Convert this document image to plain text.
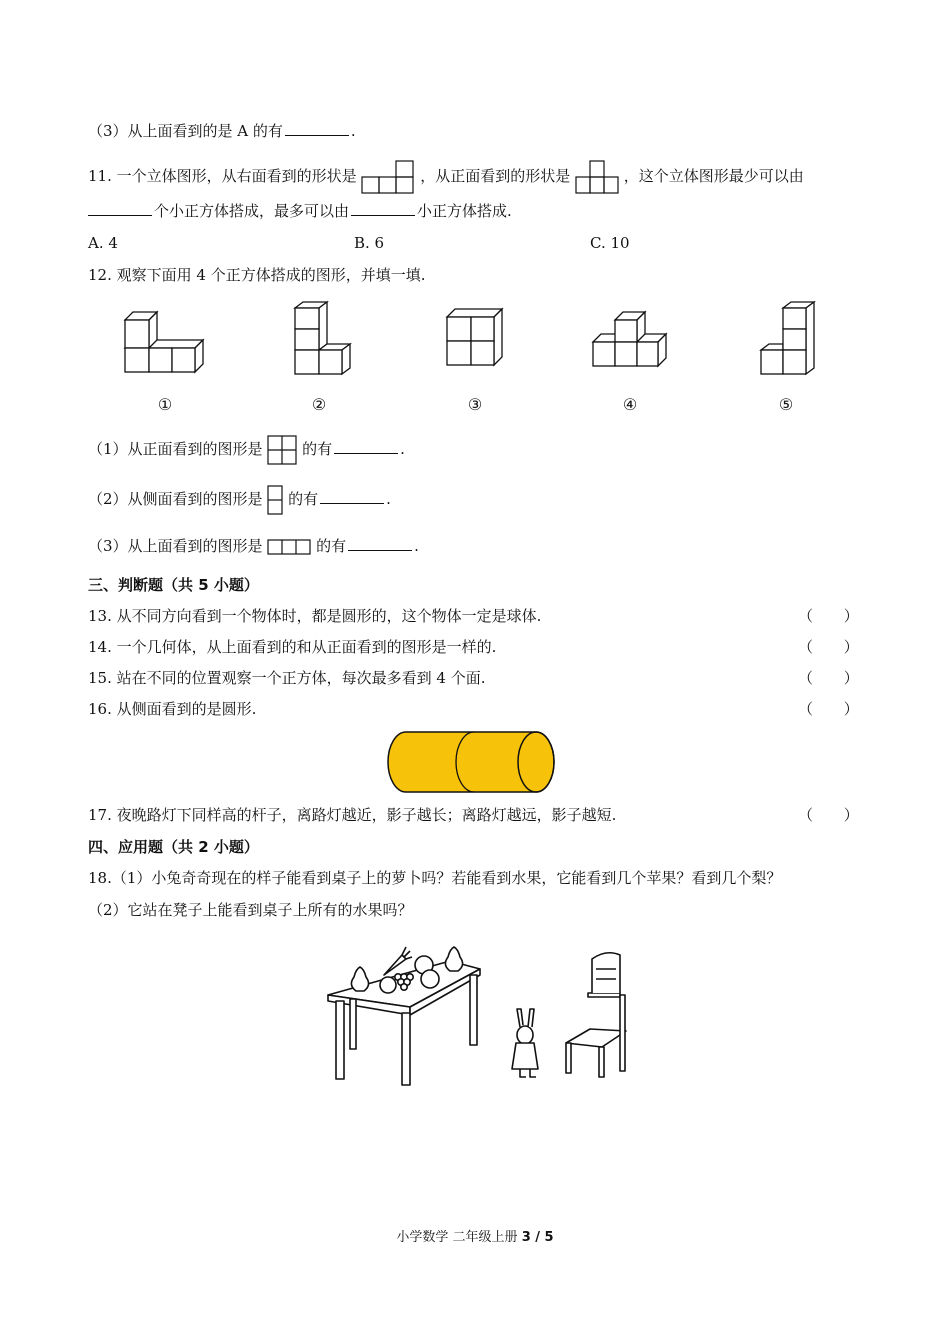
（3）从上面看到的是 A 的有	.
11. 一个立体图形，从右面看到的形状是	，从正面看到的形状是	，这个立体图形最少可以由
个小正方体搭成，最多可以由	小正方体搭成.
A. 4	B. 6	C. 10
12. 观察下面用 4 个正方体搭成的图形，并填一填.
①	②	③	④	⑤
（1）从正面看到的图形是	的有	.
（2）从侧面看到的图形是 的有	.
（3）从上面看到的图形是	的有	.
三、判断题（共 5 小题）
13. 从不同方向看到一个物体时，都是圆形的，这个物体一定是球体.	（ ）
14. 一个几何体，从上面看到的和从正面看到的图形是一样的.	（ ）
15. 站在不同的位置观察一个正方体，每次最多看到 4 个面.	（ ）
16. 从侧面看到的是圆形.	（ ）
17. 夜晚路灯下同样高的杆子，离路灯越近，影子越长；离路灯越远，影子越短.	（ ）
四、应用题（共 2 小题）
18.（1）小兔奇奇现在的样子能看到桌子上的萝卜吗？若能看到水果，它能看到几个苹果？看到几个梨？
（2）它站在凳子上能看到桌子上所有的水果吗？
小学数学 二年级上册 3 / 5
